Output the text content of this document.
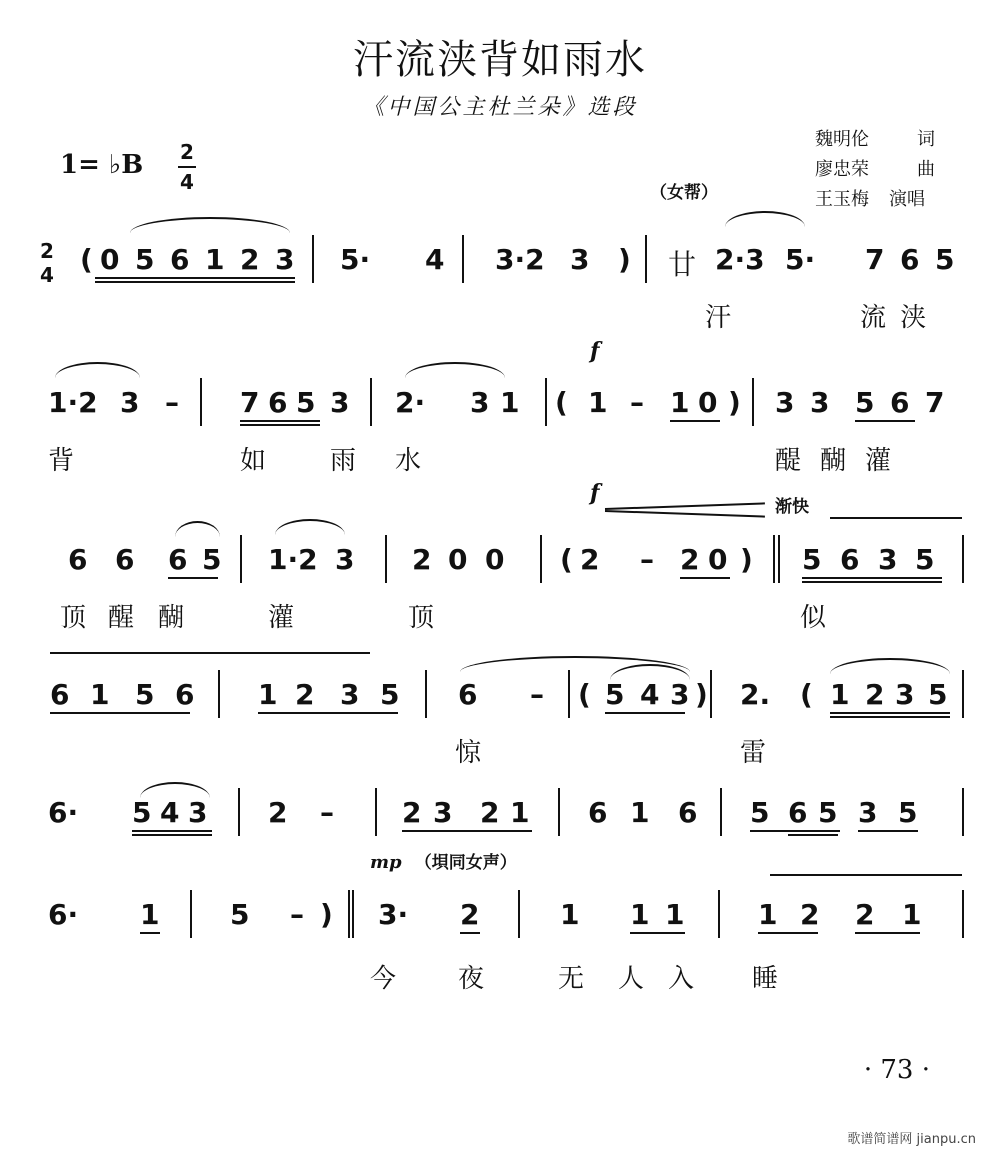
汗流浃背如雨水
《中国公主杜兰朵》选段
魏明伦	词
廖忠荣	曲
王玉梅 演唱
1= ♭B 2
4	（女帮）
2
4 ( 0 5 6 1 2 3 5· 4 3·2 3 ) 廿 2·3 5· 7 6 5
汗	流 浃
f
1·2 3 – 7 6 5 3 2· 3 1 ( 1 – 1 0 ) 3 3 5 6 7
背	如 雨 水	醍 醐 灌
f
渐快
6 6 6 5 1·2 3 2 0 0 ( 2 – 2 0 ) 5 6 3 5
顶 醒 醐	灌	顶	似
6 1 5 6 1 2 3 5 6 – ( 5 4 3 ) 2. ( 1 2 3 5
惊	雷
6· 5 4 3 2 – 2 3 2 1 6 1 6 5 6 5 3 5
mp （垻同女声）
6· 1	5 – ) 3· 2	1 1 1	1 2 2 1
今 夜	无 人 入 睡
· 73 ·
歌谱简谱网 jianpu.cn
